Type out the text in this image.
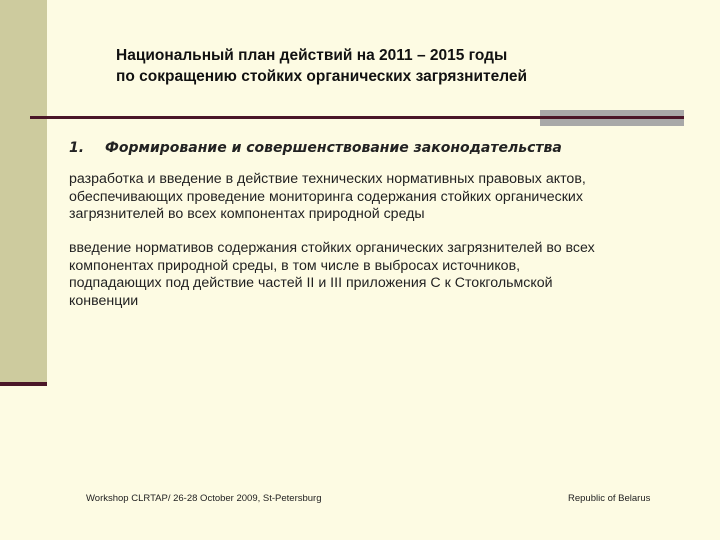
Национальный план действий на 2011 – 2015 годы
по сокращению стойких органических загрязнителей
1. Формирование и совершенствование законодательства
разработка и введение в действие технических нормативных правовых актов,
обеспечивающих проведение мониторинга содержания стойких органических
загрязнителей во всех компонентах природной среды
введение нормативов содержания стойких органических загрязнителей во всех
компонентах природной среды, в том числе в выбросах источников,
подпадающих под действие частей II и III приложения С к Стокгольмской
конвенции
Workshop CLRTAP/ 26-28 October 2009, St-Petersburg	Republic of Belarus
